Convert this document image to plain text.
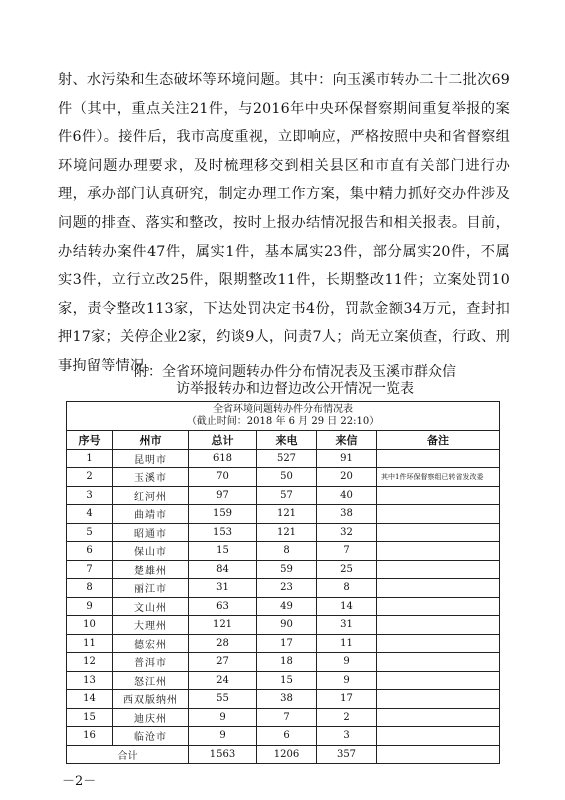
射、水污染和生态破坏等环境问题。其中：向玉溪市转办二十二批次69件（其中，重点关注21件，与2016年中央环保督察期间重复举报的案件6件）。接件后，我市高度重视，立即响应，严格按照中央和省督察组环境问题办理要求，及时梳理移交到相关县区和市直有关部门进行办理，承办部门认真研究，制定办理工作方案，集中精力抓好交办件涉及问题的排查、落实和整改，按时上报办结情况报告和相关报表。目前，办结转办案件47件，属实1件，基本属实23件，部分属实20件，不属实3件，立行立改25件，限期整改11件，长期整改11件；立案处罚10家，责令整改113家，下达处罚决定书4份，罚款金额34万元，查封扣押17家；关停企业2家，约谈9人，问责7人；尚无立案侦查，行政、刑事拘留等情况。

附：全省环境问题转办件分布情况表及玉溪市群众信访举报转办和边督边改公开情况一览表
全省环境问题转办件分布情况表
（截止时间：2018 年 6 月 29 日 22:10）					

序号	州市	总计	来电	来信	备注
1	昆明市	618	527	91	
2	玉溪市	70	50	20	其中1件环保督察组已转省发改委
3	红河州	97	57	40	
4	曲靖市	159	121	38	
5	昭通市	153	121	32	
6	保山市	15	8	7	
7	楚雄州	84	59	25	
8	丽江市	31	23	8	
9	文山州	63	49	14	
10	大理州	121	90	31	
11	德宏州	28	17	11	
12	普洱市	27	18	9	
13	怒江州	24	15	9	
14	西双版纳州	55	38	17	
15	迪庆州	9	7	2	
16	临沧市	9	6	3	
合计		1563	1206	357	
－2－
